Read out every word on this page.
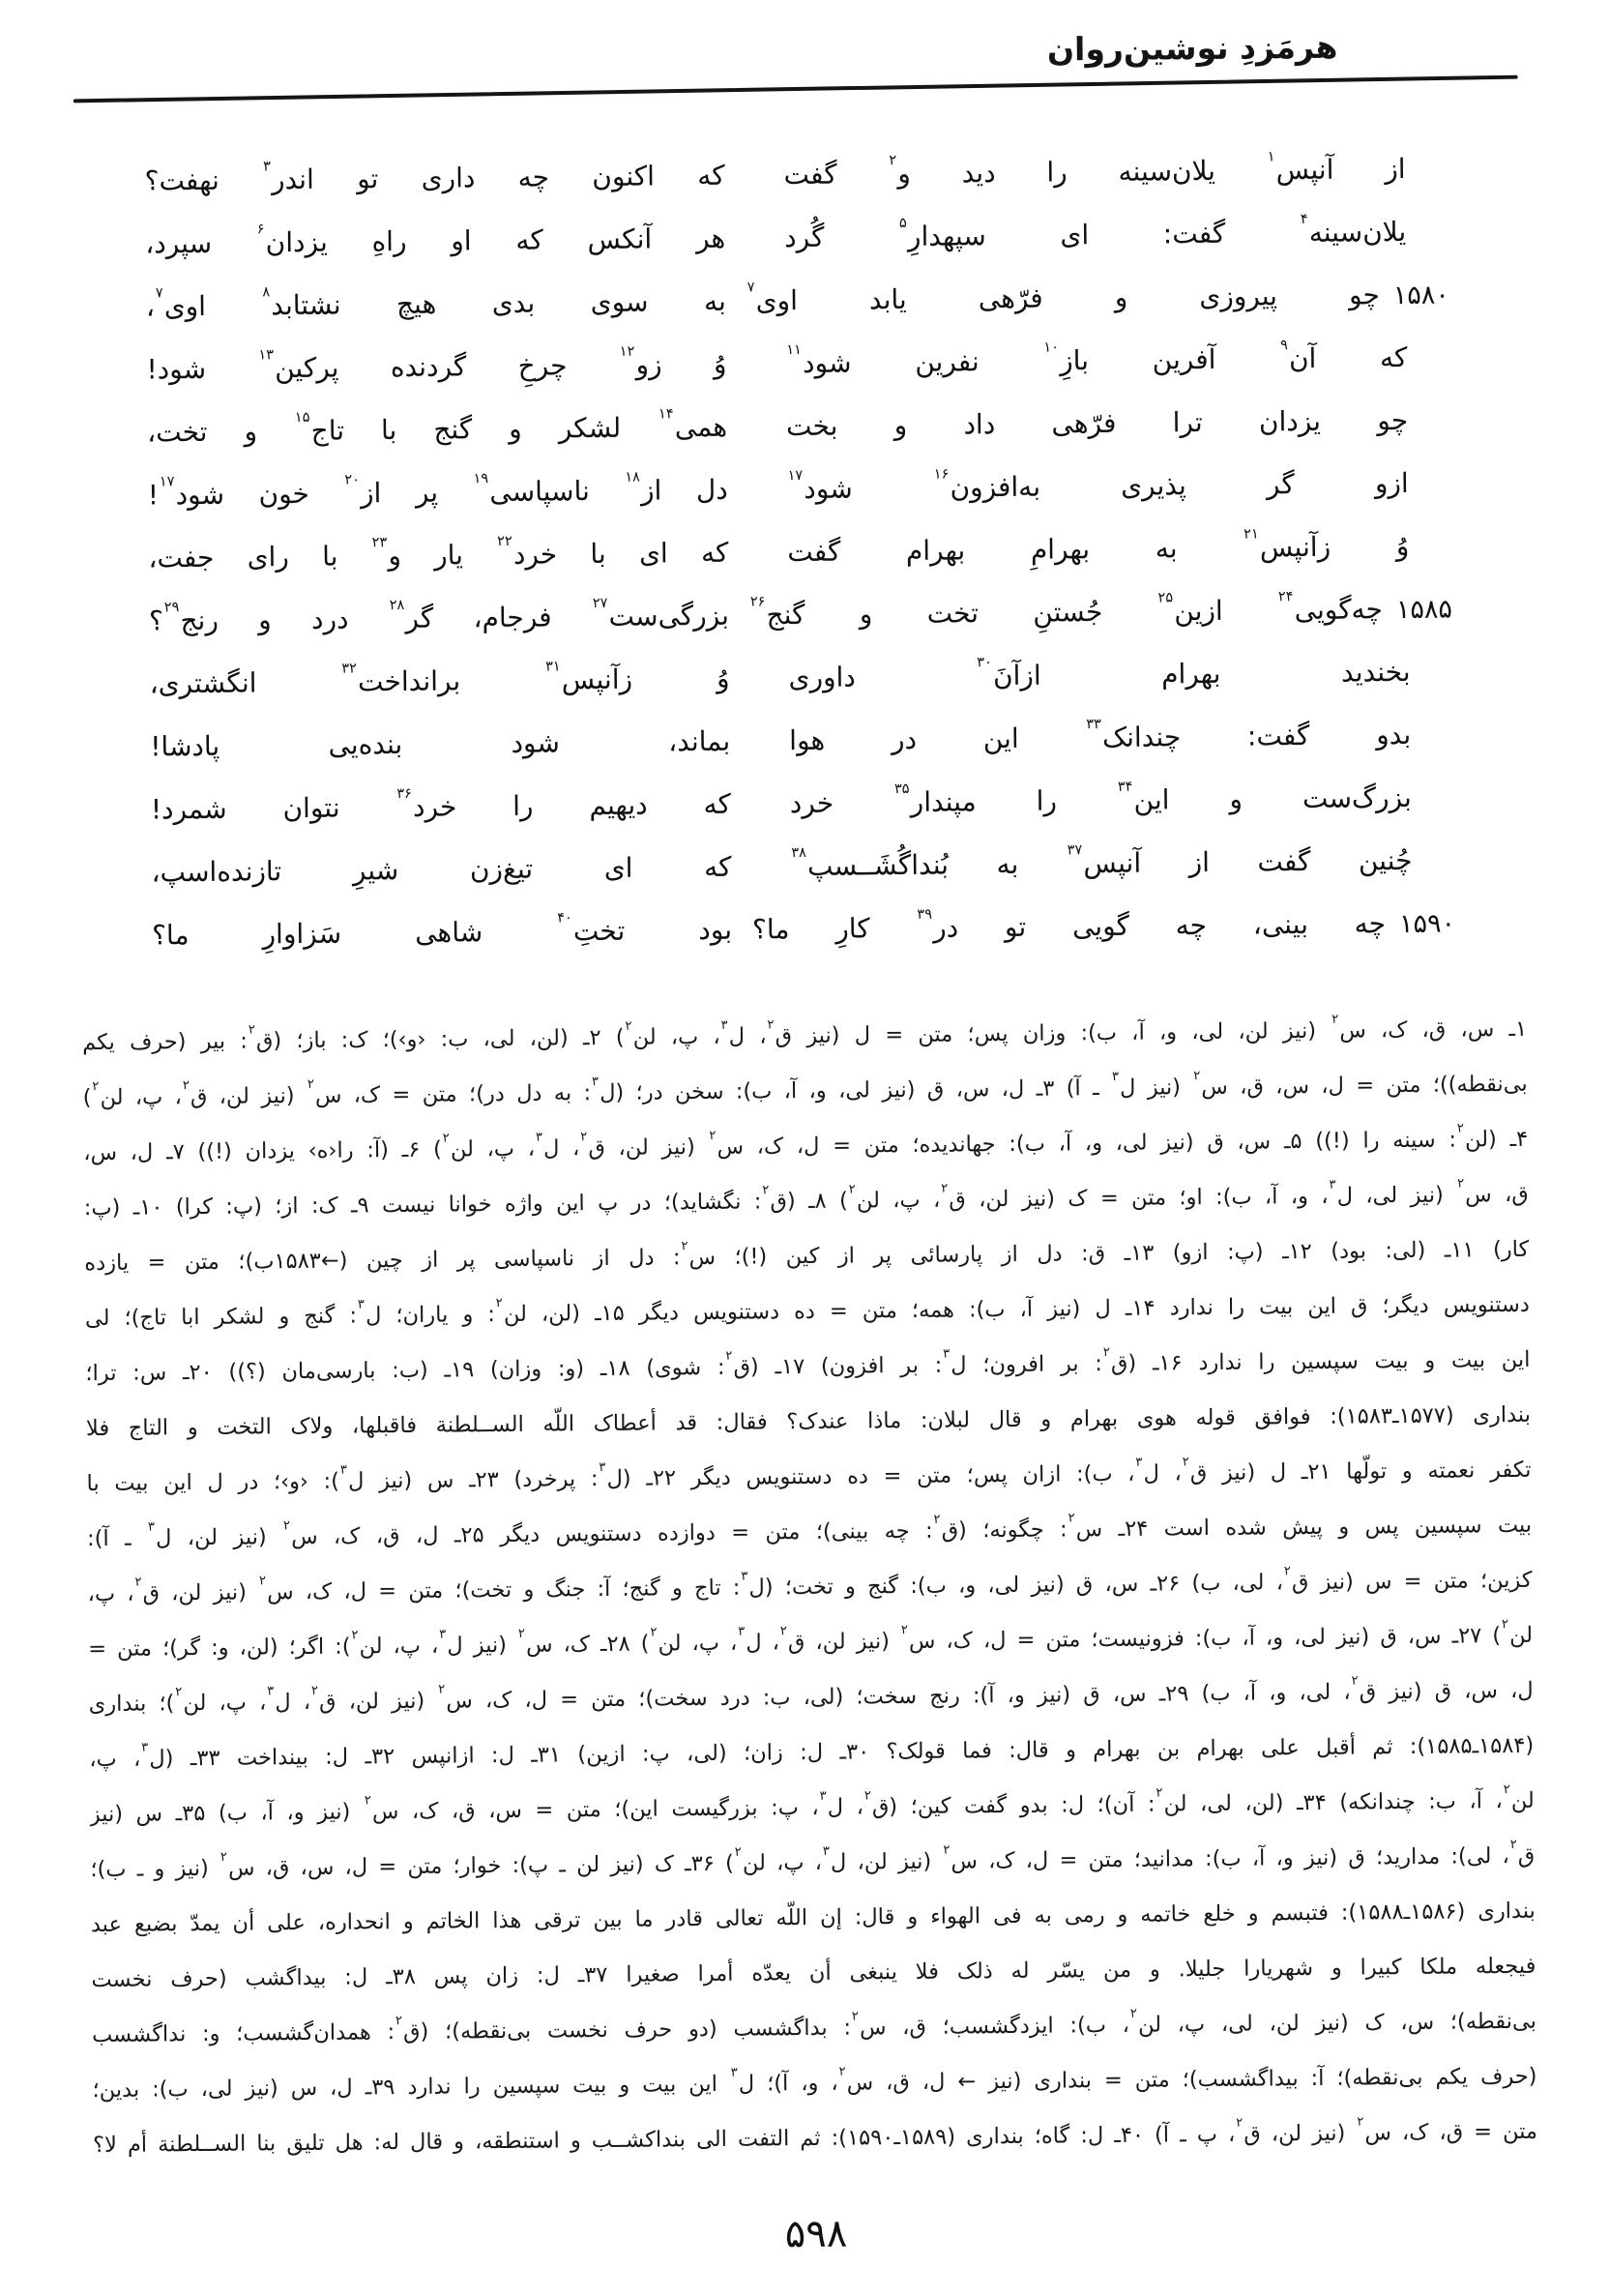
هرمَزدِ نوشین‌روان
از آنپس$^۱$ یلان‌سینه را دید و$^۲$ گفت
که اکنون چه داری تو اندر$^۳$ نهفت؟
یلان‌سینه$^۴$ گفت: ای سپهدارِ$^۵$ گُرد
هر آنکس که او راهِ یزدان$^۶$ سپرد،
۱۵۸۰چو پیروزی و فرّهی یابد اوی$^۷$
به سوی بدی هیچ نشتابد$^۸$ اوی$^۷$،
که آن$^۹$ آفرین بازِ$^{۱۰}$ نفرین شود$^{۱۱}$
وُ زو$^{۱۲}$ چرخِ گردنده پرکین$^{۱۳}$ شود!
چو یزدان ترا فرّهی داد و بخت
همی$^{۱۴}$ لشکر و گنج با تاج$^{۱۵}$ و تخت،
ازو گر پذیری به‌افزون$^{۱۶}$ شود$^{۱۷}$
دل از$^{۱۸}$ ناسپاسی$^{۱۹}$ پر از$^{۲۰}$ خون شود$^{۱۷}$!
وُ زآنپس$^{۲۱}$ به بهرامِ بهرام گفت
که ای با خرد$^{۲۲}$ یار و$^{۲۳}$ با رای جفت،
۱۵۸۵چه‌گویی$^{۲۴}$ ازین$^{۲۵}$ جُستنِ تخت و گنج$^{۲۶}$
بزرگی‌ست$^{۲۷}$ فرجام، گر$^{۲۸}$ درد و رنج$^{۲۹}$؟
بخندید بهرام ازآنَ$^{۳۰}$ داوری
وُ زآنپس$^{۳۱}$ برانداخت$^{۳۲}$ انگشتری،
بدو گفت: چندانک$^{۳۳}$ این در هوا
بماند، شود بنده‌یی پادشا!
بزرگ‌ست و این$^{۳۴}$ را مپندار$^{۳۵}$ خرد
که دیهیم را خرد$^{۳۶}$ نتوان شمرد!
چُنین گفت از آنپس$^{۳۷}$ به بُنداگُشَــسپ$^{۳۸}$
که ای تیغ‌زن شیرِ تازنده‌اسپ،
۱۵۹۰چه بینی، چه گویی تو در$^{۳۹}$ کارِ ما؟
بود تختِ$^{۴۰}$ شاهی سَزاوارِ ما؟
۱ـ س، ق، ک، س$^۲$ (نیز لن، لی، و، آ، ب): وزان پس؛ متن = ل (نیز ق$^۲$، ل$^۳$، پ، لن$^۲$) ۲ـ (لن، لی، ب: ‹و›)؛ ک: باز؛ (ق$^۲$: بیر (حرف یکم
بی‌نقطه))؛ متن = ل، س، ق، س$^۲$ (نیز ل$^۳$ ـ آ) ۳ـ ل، س، ق (نیز لی، و، آ، ب): سخن در؛ (ل$^۳$: به دل در)؛ متن = ک، س$^۲$ (نیز لن، ق$^۲$، پ، لن$^۲$)
۴ـ (لن$^۲$: سینه را (!)) ۵ـ س، ق (نیز لی، و، آ، ب): جهاندیده؛ متن = ل، ک، س$^۲$ (نیز لن، ق$^۲$، ل$^۳$، پ، لن$^۲$) ۶ـ (آ: را‹ه› یزدان (!)) ۷ـ ل، س،
ق، س$^۲$ (نیز لی، ل$^۳$، و، آ، ب): او؛ متن = ک (نیز لن، ق$^۲$، پ، لن$^۲$) ۸ـ (ق$^۲$: نگشاید)؛ در پ این واژه خوانا نیست ۹ـ ک: از؛ (پ: کرا) ۱۰ـ (پ:
کار) ۱۱ـ (لی: بود) ۱۲ـ (پ: ازو) ۱۳ـ ق: دل از پارسائی پر از کین (!)؛ س$^۲$: دل از ناسپاسی پر از چین (←۱۵۸۳ب)؛ متن = یازده
دستنویس دیگر؛ ق این بیت را ندارد ۱۴ـ ل (نیز آ، ب): همه؛ متن = ده دستنویس دیگر ۱۵ـ (لن، لن$^۲$: و یاران؛ ل$^۳$: گنج و لشکر ابا تاج)؛ لی
این بیت و بیت سپسین را ندارد ۱۶ـ (ق$^۲$: بر افرون؛ ل$^۳$: بر افزون) ۱۷ـ (ق$^۲$: شوی) ۱۸ـ (و: وزان) ۱۹ـ (ب: بارسی‌مان (؟)) ۲۰ـ س: ترا؛
بنداری (۱۵۷۷ـ۱۵۸۳): فوافق قوله هوی بهرام و قال لبلان: ماذا عندک؟ فقال: قد أعطاک اللّه الســلطنة فاقبلها، ولاک التخت و التاج فلا
تکفر نعمته و تولّها ۲۱ـ ل (نیز ق$^۲$، ل$^۳$، ب): ازان پس؛ متن = ده دستنویس دیگر ۲۲ـ (ل$^۳$: پرخرد) ۲۳ـ س (نیز ل$^۳$): ‹و›؛ در ل این بیت با
بیت سپسین پس و پیش شده است ۲۴ـ س$^۲$: چگونه؛ (ق$^۲$: چه بینی)؛ متن = دوازده دستنویس دیگر ۲۵ـ ل، ق، ک، س$^۲$ (نیز لن، ل$^۳$ ـ آ):
کزین؛ متن = س (نیز ق$^۲$، لی، ب) ۲۶ـ س، ق (نیز لی، و، ب): گنج و تخت؛ (ل$^۳$: تاج و گنج؛ آ: جنگ و تخت)؛ متن = ل، ک، س$^۲$ (نیز لن، ق$^۲$، پ،
لن$^۲$) ۲۷ـ س، ق (نیز لی، و، آ، ب): فزونیست؛ متن = ل، ک، س$^۲$ (نیز لن، ق$^۲$، ل$^۳$، پ، لن$^۲$) ۲۸ـ ک، س$^۲$ (نیز ل$^۳$، پ، لن$^۲$): اگر؛ (لن، و: گر)؛ متن =
ل، س، ق (نیز ق$^۲$، لی، و، آ، ب) ۲۹ـ س، ق (نیز و، آ): رنج سخت؛ (لی، ب: درد سخت)؛ متن = ل، ک، س$^۲$ (نیز لن، ق$^۲$، ل$^۳$، پ، لن$^۲$)؛ بنداری
(۱۵۸۴ـ۱۵۸۵): ثم أقبل علی بهرام بن بهرام و قال: فما قولک؟ ۳۰ـ ل: زان؛ (لی، پ: ازین) ۳۱ـ ل: ازانپس ۳۲ـ ل: بینداخت ۳۳ـ (ل$^۳$، پ،
لن$^۲$، آ، ب: چندانکه) ۳۴ـ (لن، لی، لن$^۲$: آن)؛ ل: بدو گفت کین؛ (ق$^۲$، ل$^۳$، پ: بزرگیست این)؛ متن = س، ق، ک، س$^۲$ (نیز و، آ، ب) ۳۵ـ س (نیز
ق$^۲$، لی): مدارید؛ ق (نیز و، آ، ب): مدانید؛ متن = ل، ک، س$^۲$ (نیز لن، ل$^۳$، پ، لن$^۲$) ۳۶ـ ک (نیز لن ـ پ): خوار؛ متن = ل، س، ق، س$^۲$ (نیز و ـ ب)؛
بنداری (۱۵۸۶ـ۱۵۸۸): فتبسم و خلع خاتمه و رمی به فی الهواء و قال: إن اللّه تعالی قادر ما بین ترقی هذا الخاتم و انحداره، علی أن یمدّ بضبع عبد
فیجعله ملکا کبیرا و شهریارا جلیلا. و من یسّر له ذلک فلا ینبغی أن یعدّه أمرا صغیرا ۳۷ـ ل: زان پس ۳۸ـ ل: بیداگشب (حرف نخست
بی‌نقطه)؛ س، ک (نیز لن، لی، پ، لن$^۲$، ب): ایزدگشسب؛ ق، س$^۲$: بداگشسب (دو حرف نخست بی‌نقطه)؛ (ق$^۲$: همدان‌گشسب؛ و: نداگشسب
(حرف یکم بی‌نقطه)؛ آ: بیداگشسب)؛ متن = بنداری (نیز ← ل، ق، س$^۲$، و، آ)؛ ل$^۳$ این بیت و بیت سپسین را ندارد ۳۹ـ ل، س (نیز لی، ب): بدین؛
متن = ق، ک، س$^۲$ (نیز لن، ق$^۲$، پ ـ آ) ۴۰ـ ل: گاه؛ بنداری (۱۵۸۹ـ۱۵۹۰): ثم التفت الی بنداکشــب و استنطقه، و قال له: هل تلیق بنا الســلطنة أم لا؟
۵۹۸
